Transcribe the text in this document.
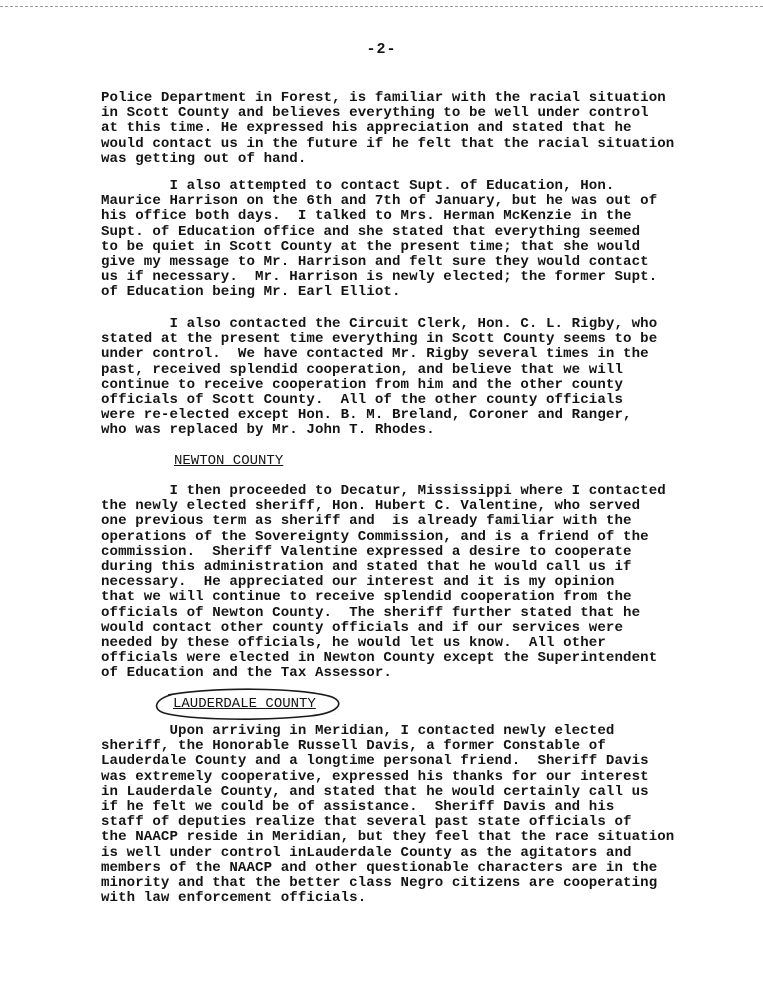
-2-
Police Department in Forest, is familiar with the racial situation
in Scott County and believes everything to be well under control
at this time. He expressed his appreciation and stated that he
would contact us in the future if he felt that the racial situation
was getting out of hand.
I also attempted to contact Supt. of Education, Hon.
Maurice Harrison on the 6th and 7th of January, but he was out of
his office both days.  I talked to Mrs. Herman McKenzie in the
Supt. of Education office and she stated that everything seemed
to be quiet in Scott County at the present time; that she would
give my message to Mr. Harrison and felt sure they would contact
us if necessary.  Mr. Harrison is newly elected; the former Supt.
of Education being Mr. Earl Elliot.
I also contacted the Circuit Clerk, Hon. C. L. Rigby, who
stated at the present time everything in Scott County seems to be
under control.  We have contacted Mr. Rigby several times in the
past, received splendid cooperation, and believe that we will
continue to receive cooperation from him and the other county
officials of Scott County.  All of the other county officials
were re-elected except Hon. B. M. Breland, Coroner and Ranger,
who was replaced by Mr. John T. Rhodes.
NEWTON COUNTY
I then proceeded to Decatur, Mississippi where I contacted
the newly elected sheriff, Hon. Hubert C. Valentine, who served
one previous term as sheriff and  is already familiar with the
operations of the Sovereignty Commission, and is a friend of the
commission.  Sheriff Valentine expressed a desire to cooperate
during this administration and stated that he would call us if
necessary.  He appreciated our interest and it is my opinion
that we will continue to receive splendid cooperation from the
officials of Newton County.  The sheriff further stated that he
would contact other county officials and if our services were
needed by these officials, he would let us know.  All other
officials were elected in Newton County except the Superintendent
of Education and the Tax Assessor.
LAUDERDALE COUNTY
Upon arriving in Meridian, I contacted newly elected
sheriff, the Honorable Russell Davis, a former Constable of
Lauderdale County and a longtime personal friend.  Sheriff Davis
was extremely cooperative, expressed his thanks for our interest
in Lauderdale County, and stated that he would certainly call us
if he felt we could be of assistance.  Sheriff Davis and his
staff of deputies realize that several past state officials of
the NAACP reside in Meridian, but they feel that the race situation
is well under control inLauderdale County as the agitators and
members of the NAACP and other questionable characters are in the
minority and that the better class Negro citizens are cooperating
with law enforcement officials.
